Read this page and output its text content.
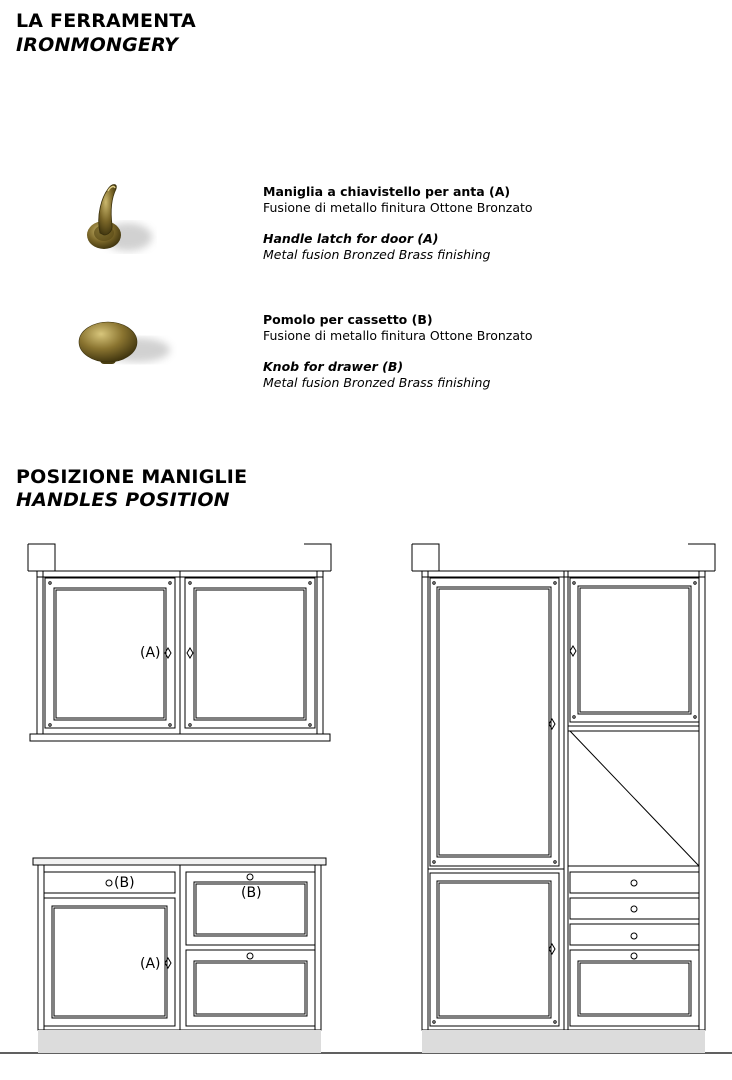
LA FERRAMENTA
IRONMONGERY
Maniglia a chiavistello per anta (A)
Fusione di metallo finitura Ottone Bronzato
Handle latch for door (A)
Metal fusion Bronzed Brass finishing
Pomolo per cassetto (B)
Fusione di metallo finitura Ottone Bronzato
Knob for drawer (B)
Metal fusion Bronzed Brass finishing
POSIZIONE MANIGLIE
HANDLES POSITION
(A)
(B)
(B)
(A)
